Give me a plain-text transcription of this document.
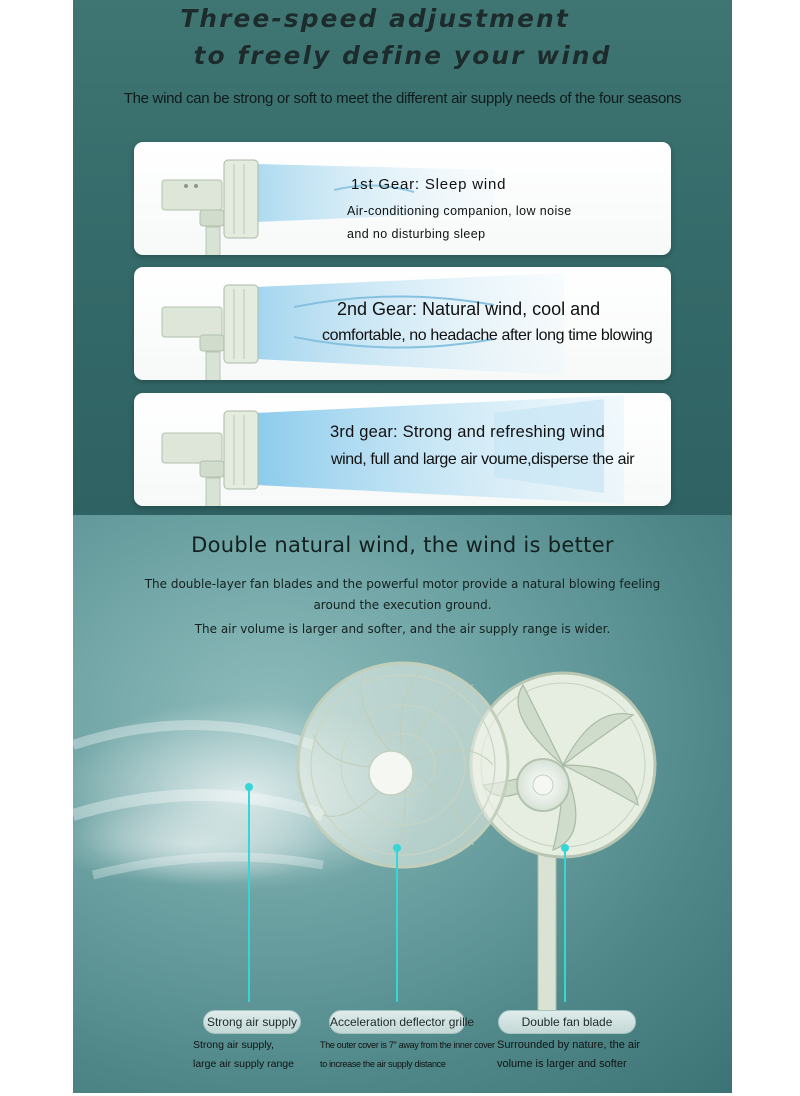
Three-speed adjustment
to freely define your wind
The wind can be strong or soft to meet the different air supply needs of the four seasons
1st Gear: Sleep wind
Air-conditioning companion, low noise
and no disturbing sleep
2nd Gear: Natural wind, cool and
comfortable, no headache after long time blowing
3rd gear: Strong and refreshing wind
wind, full and large air voume,disperse the air
Double natural wind, the wind is better
The double-layer fan blades and the powerful motor provide a natural blowing feeling
around the execution ground.
The air volume is larger and softer, and the air supply range is wider.
Strong air supply	Acceleration deflector grille	Double fan blade
Strong air supply,
large air supply range
The outer cover is 7" away from the inner cover
to increase the air supply distance
Surrounded by nature, the air
volume is larger and softer
